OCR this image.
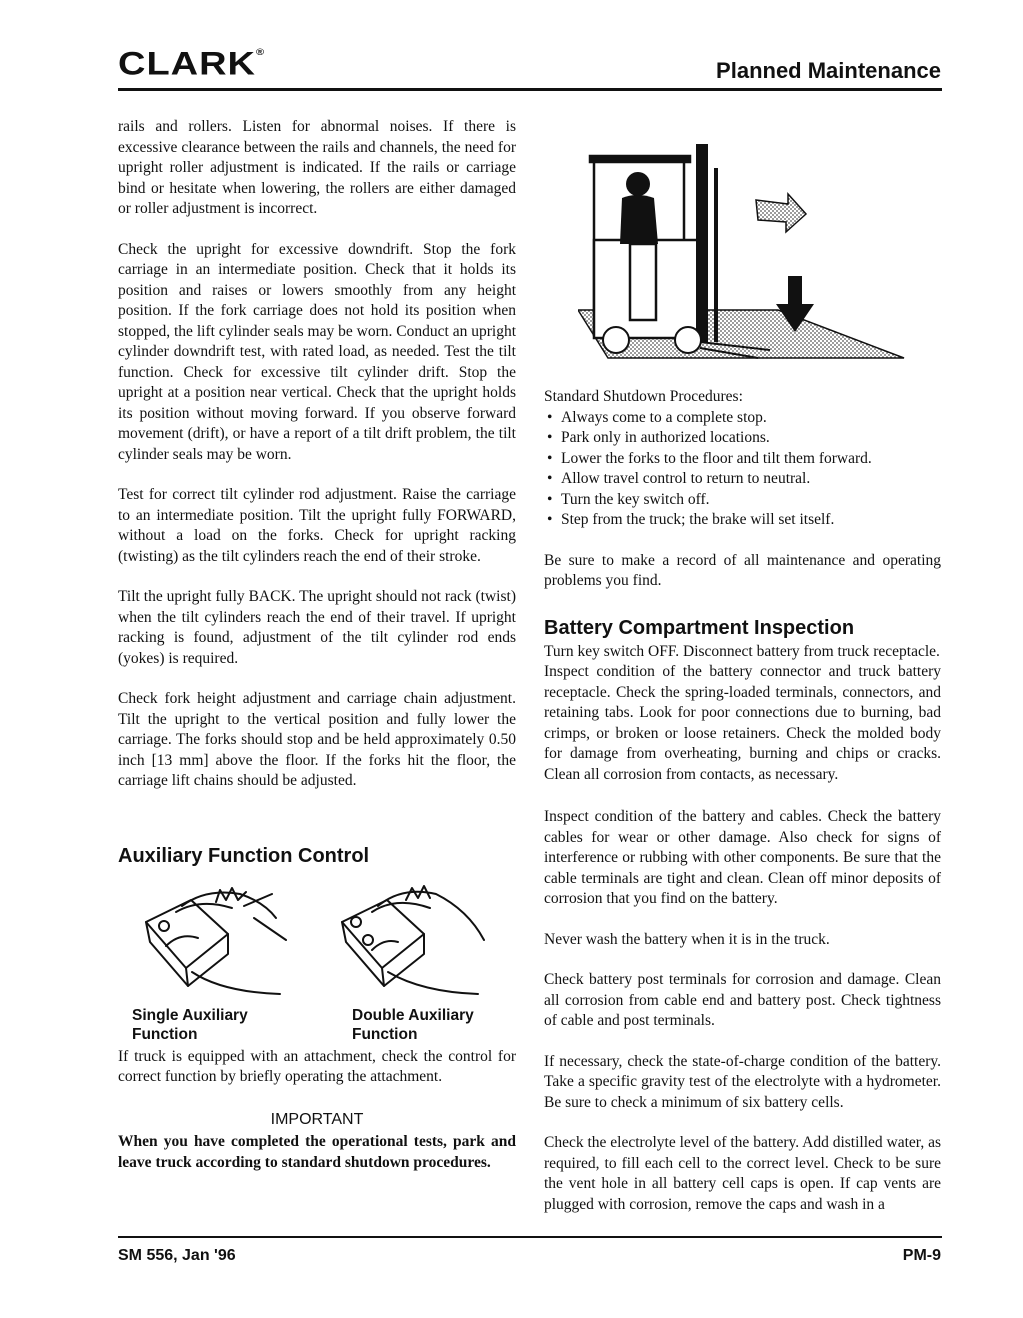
CLARK®
Planned Maintenance

rails and rollers. Listen for abnormal noises. If there is excessive clearance between the rails and channels, the need for upright roller adjustment is indicated. If the rails or carriage bind or hesitate when lowering, the rollers are either damaged or roller adjustment is incorrect.

Check the upright for excessive downdrift. Stop the fork carriage in an intermediate position. Check that it holds its position and raises or lowers smoothly from any height position. If the fork carriage does not hold its position when stopped, the lift cylinder seals may be worn. Conduct an upright cylinder downdrift test, with rated load, as needed. Test the tilt function. Check for excessive tilt cylinder drift. Stop the upright at a position near vertical. Check that the upright holds its position without moving forward. If you observe forward movement (drift), or have a report of a tilt drift problem, the tilt cylinder seals may be worn.

Test for correct tilt cylinder rod adjustment. Raise the carriage to an intermediate position. Tilt the upright fully FORWARD, without a load on the forks. Check for upright racking (twisting) as the tilt cylinders reach the end of their stroke.

Tilt the upright fully BACK. The upright should not rack (twist) when the tilt cylinders reach the end of their travel. If upright racking is found, adjustment of the tilt cylinder rod ends (yokes) is required.

Check fork height adjustment and carriage chain adjustment. Tilt the upright to the vertical position and fully lower the carriage. The forks should stop and be held approximately 0.50 inch [13 mm] above the floor. If the forks hit the floor, the carriage lift chains should be adjusted.

Auxiliary Function Control
Single Auxiliary Function
Double Auxiliary Function

If truck is equipped with an attachment, check the control for correct function by briefly operating the attachment.

IMPORTANT

When you have completed the operational tests, park and leave truck according to standard shutdown procedures.

Standard Shutdown Procedures:
• Always come to a complete stop.
• Park only in authorized locations.
• Lower the forks to the floor and tilt them forward.
• Allow travel control to return to neutral.
• Turn the key switch off.
• Step from the truck; the brake will set itself.

Be sure to make a record of all maintenance and operating problems you find.

Battery Compartment Inspection

Turn key switch OFF. Disconnect battery from truck receptacle.

Inspect condition of the battery connector and truck battery receptacle. Check the spring-loaded terminals, connectors, and retaining tabs. Look for poor connections due to burning, bad crimps, or broken or loose retainers. Check the molded body for damage from overheating, burning and chips or cracks. Clean all corrosion from contacts, as necessary.

Inspect condition of the battery and cables. Check the battery cables for wear or other damage. Also check for signs of interference or rubbing with other components. Be sure that the cable terminals are tight and clean. Clean off minor deposits of corrosion that you find on the battery.

Never wash the battery when it is in the truck.

Check battery post terminals for corrosion and damage. Clean all corrosion from cable end and battery post. Check tightness of cable and post terminals.

If necessary, check the state-of-charge condition of the battery. Take a specific gravity test of the electrolyte with a hydrometer. Be sure to check a minimum of six battery cells.

Check the electrolyte level of the battery. Add distilled water, as required, to fill each cell to the correct level. Check to be sure the vent hole in all battery cell caps is open. If cap vents are plugged with corrosion, remove the caps and wash in a

SM 556, Jan '96	PM-9
